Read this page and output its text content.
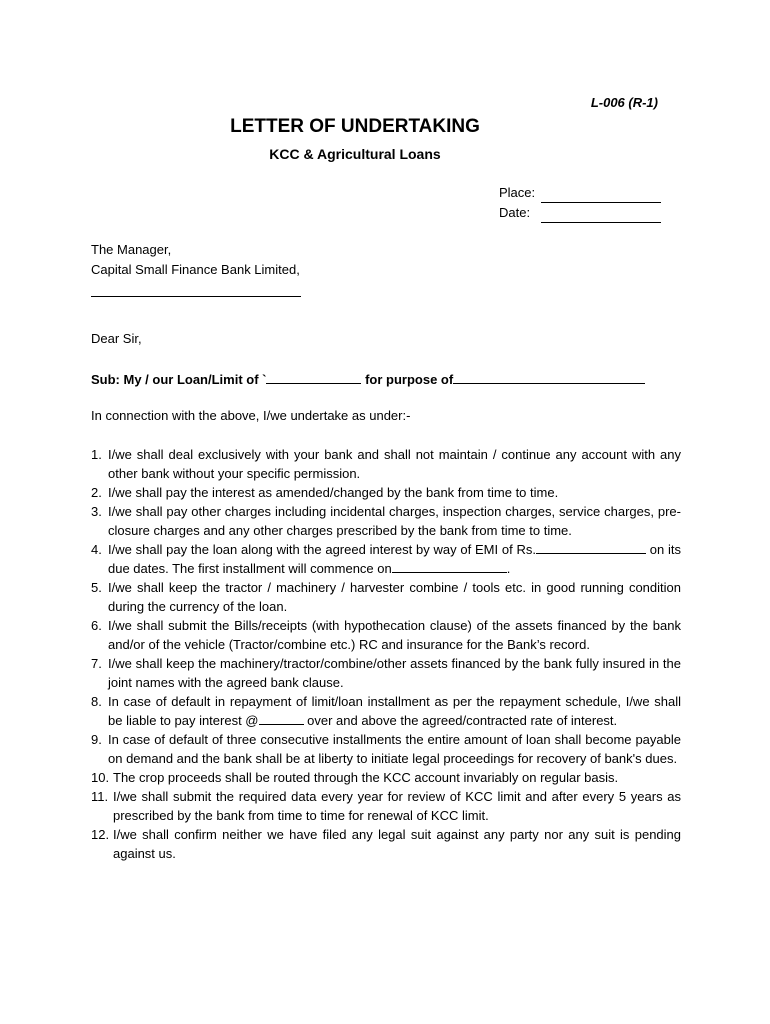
L-006 (R-1)
LETTER OF UNDERTAKING
KCC & Agricultural Loans
Place:
Date:
The Manager,
Capital Small Finance Bank Limited,
Dear Sir,
Sub: My / our Loan/Limit of `	for purpose of
In connection with the above, I/we undertake as under:-
1. I/we shall deal exclusively with your bank and shall not maintain / continue any account with any other bank without your specific permission.
2. I/we shall pay the interest as amended/changed by the bank from time to time.
3. I/we shall pay other charges including incidental charges, inspection charges, service charges, pre-closure charges and any other charges prescribed by the bank from time to time.
4. I/we shall pay the loan along with the agreed interest by way of EMI of Rs.	on its due dates. The first installment will commence on	.
5. I/we shall keep the tractor / machinery / harvester combine / tools etc. in good running condition during the currency of the loan.
6. I/we shall submit the Bills/receipts (with hypothecation clause) of the assets financed by the bank and/or of the vehicle (Tractor/combine etc.) RC and insurance for the Bank’s record.
7. I/we shall keep the machinery/tractor/combine/other assets financed by the bank fully insured in the joint names with the agreed bank clause.
8. In case of default in repayment of limit/loan installment as per the repayment schedule, I/we shall be liable to pay interest @	over and above the agreed/contracted rate of interest.
9. In case of default of three consecutive installments the entire amount of loan shall become payable on demand and the bank shall be at liberty to initiate legal proceedings for recovery of bank's dues.
10. The crop proceeds shall be routed through the KCC account invariably on regular basis.
11. I/we shall submit the required data every year for review of KCC limit and after every 5 years as prescribed by the bank from time to time for renewal of KCC limit.
12. I/we shall confirm neither we have filed any legal suit against any party nor any suit is pending against us.
